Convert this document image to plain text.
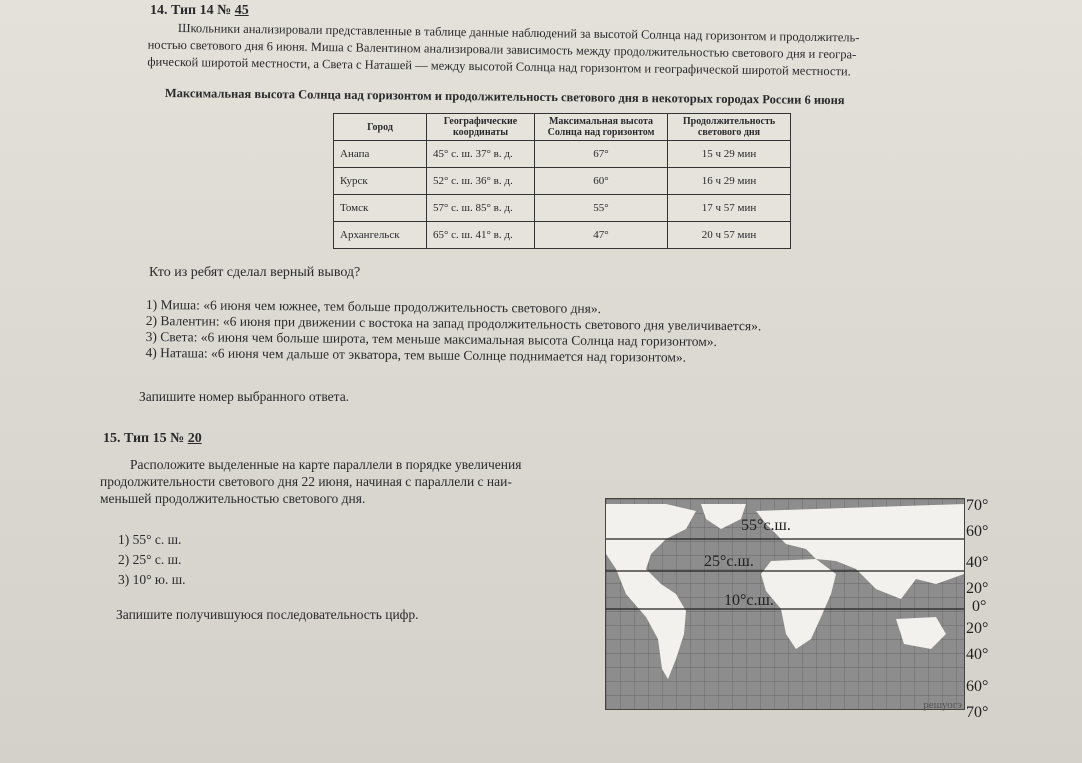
14. Тип 14 № 45
Школьники анализировали представленные в таблице данные наблюдений за высотой Солнца над горизонтом и продолжитель-
ностью светового дня 6 июня. Миша с Валентином анализировали зависимость между продолжительностью светового дня и геогра-
фической широтой местности, а Света с Наташей — между высотой Солнца над горизонтом и географической широтой местности.
Максимальная высота Солнца над горизонтом и продолжительность светового дня в некоторых городах России 6 июня
Город	Географические координаты	Максимальная высота Солнца над горизонтом	Продолжительность светового дня
Анапа	45° с. ш. 37° в. д.	67°	15 ч 29 мин
Курск	52° с. ш. 36° в. д.	60°	16 ч 29 мин
Томск	57° с. ш. 85° в. д.	55°	17 ч 57 мин
Архангельск	65° с. ш. 41° в. д.	47°	20 ч 57 мин
Кто из ребят сделал верный вывод?
1) Миша: «6 июня чем южнее, тем больше продолжительность светового дня».
2) Валентин: «6 июня при движении с востока на запад продолжительность светового дня увеличивается».
3) Света: «6 июня чем больше широта, тем меньше максимальная высота Солнца над горизонтом».
4) Наташа: «6 июня чем дальше от экватора, тем выше Солнце поднимается над горизонтом».
Запишите номер выбранного ответа.
15. Тип 15 № 20
Расположите выделенные на карте параллели в порядке увеличения
продолжительности светового дня 22 июня, начиная с параллели с наи-
меньшей продолжительностью светового дня.
1) 55° с. ш.
2) 25° с. ш.
3) 10° ю. ш.
Запишите получившуюся последовательность цифр.
55°с.ш.
25°с.ш.
10°с.ш.
решуогэ
70°
60°
40°
20°
0°
20°
40°
60°
70°
